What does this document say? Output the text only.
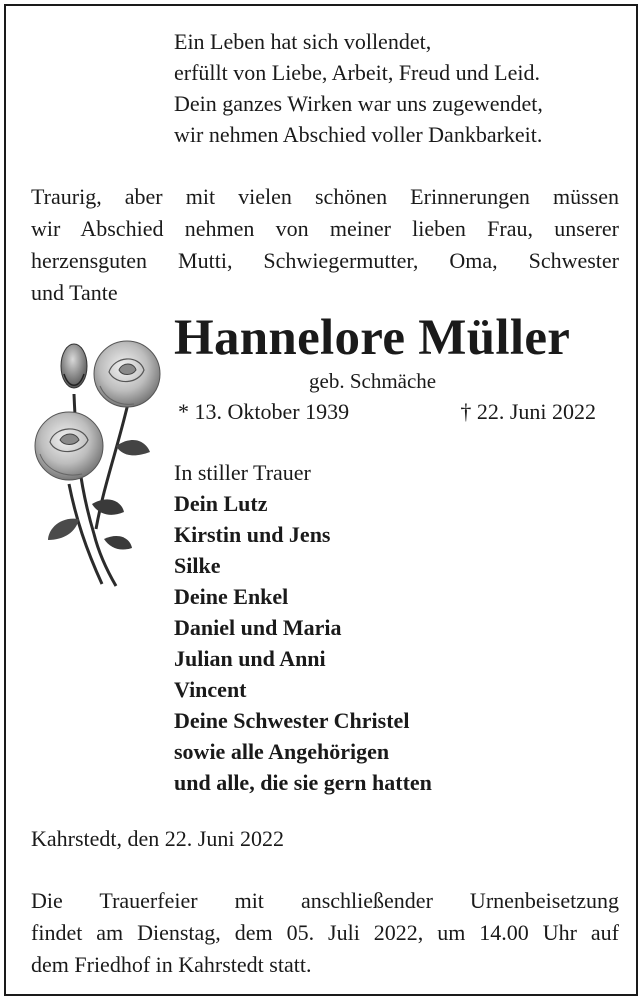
Ein Leben hat sich vollendet,
erfüllt von Liebe, Arbeit, Freud und Leid.
Dein ganzes Wirken war uns zugewendet,
wir nehmen Abschied voller Dankbarkeit.
Traurig, aber mit vielen schönen Erinnerungen müssen
wir Abschied nehmen von meiner lieben Frau, unserer
herzensguten Mutti, Schwiegermutter, Oma, Schwester
und Tante
Hannelore Müller
geb. Schmäche
* 13. Oktober 1939	† 22. Juni 2022
In stiller Trauer
Dein Lutz
Kirstin und Jens
Silke
Deine Enkel
Daniel und Maria
Julian und Anni
Vincent
Deine Schwester Christel
sowie alle Angehörigen
und alle, die sie gern hatten
Kahrstedt, den 22. Juni 2022
Die Trauerfeier mit anschließender Urnenbeisetzung
findet am Dienstag, dem 05. Juli 2022, um 14.00 Uhr auf
dem Friedhof in Kahrstedt statt.
